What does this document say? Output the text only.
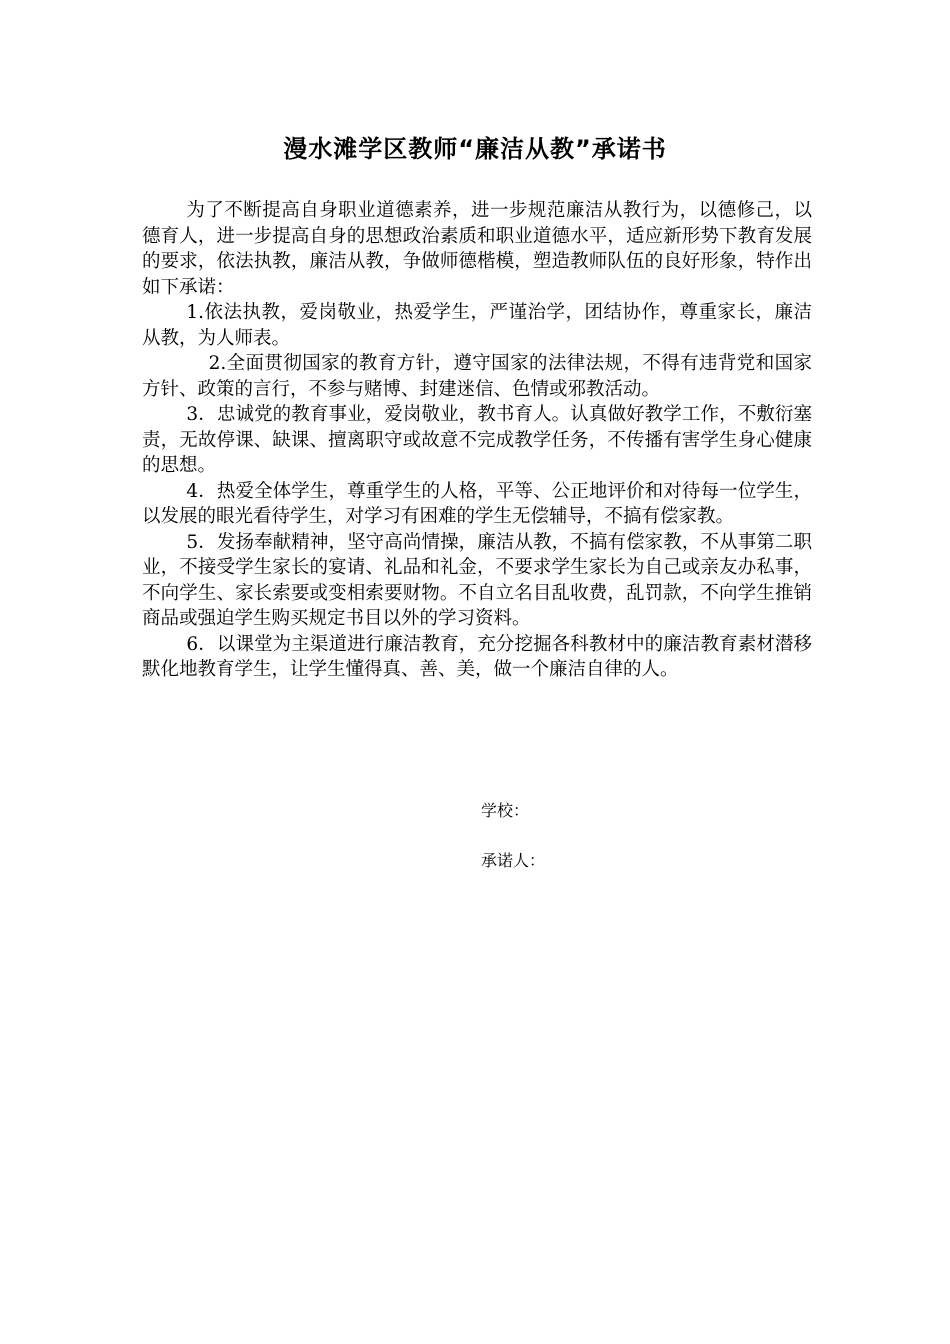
漫水滩学区教师“廉洁从教”承诺书

为了不断提高自身职业道德素养，进一步规范廉洁从教行为，以德修己，以德育人，进一步提高自身的思想政治素质和职业道德水平，适应新形势下教育发展的要求，依法执教，廉洁从教，争做师德楷模，塑造教师队伍的良好形象，特作出如下承诺：

1.依法执教，爱岗敬业，热爱学生，严谨治学，团结协作，尊重家长，廉洁从教，为人师表。

2.全面贯彻国家的教育方针，遵守国家的法律法规，不得有违背党和国家方针、政策的言行，不参与赌博、封建迷信、色情或邪教活动。

3．忠诚党的教育事业，爱岗敬业，教书育人。认真做好教学工作，不敷衍塞责，无故停课、缺课、擅离职守或故意不完成教学任务，不传播有害学生身心健康的思想。

4．热爱全体学生，尊重学生的人格，平等、公正地评价和对待每一位学生，以发展的眼光看待学生，对学习有困难的学生无偿辅导，不搞有偿家教。

5．发扬奉献精神，坚守高尚情操，廉洁从教，不搞有偿家教，不从事第二职业，不接受学生家长的宴请、礼品和礼金，不要求学生家长为自己或亲友办私事，不向学生、家长索要或变相索要财物。不自立名目乱收费，乱罚款，不向学生推销商品或强迫学生购买规定书目以外的学习资料。

6．以课堂为主渠道进行廉洁教育，充分挖掘各科教材中的廉洁教育素材潜移默化地教育学生，让学生懂得真、善、美，做一个廉洁自律的人。

学校：
承诺人：
